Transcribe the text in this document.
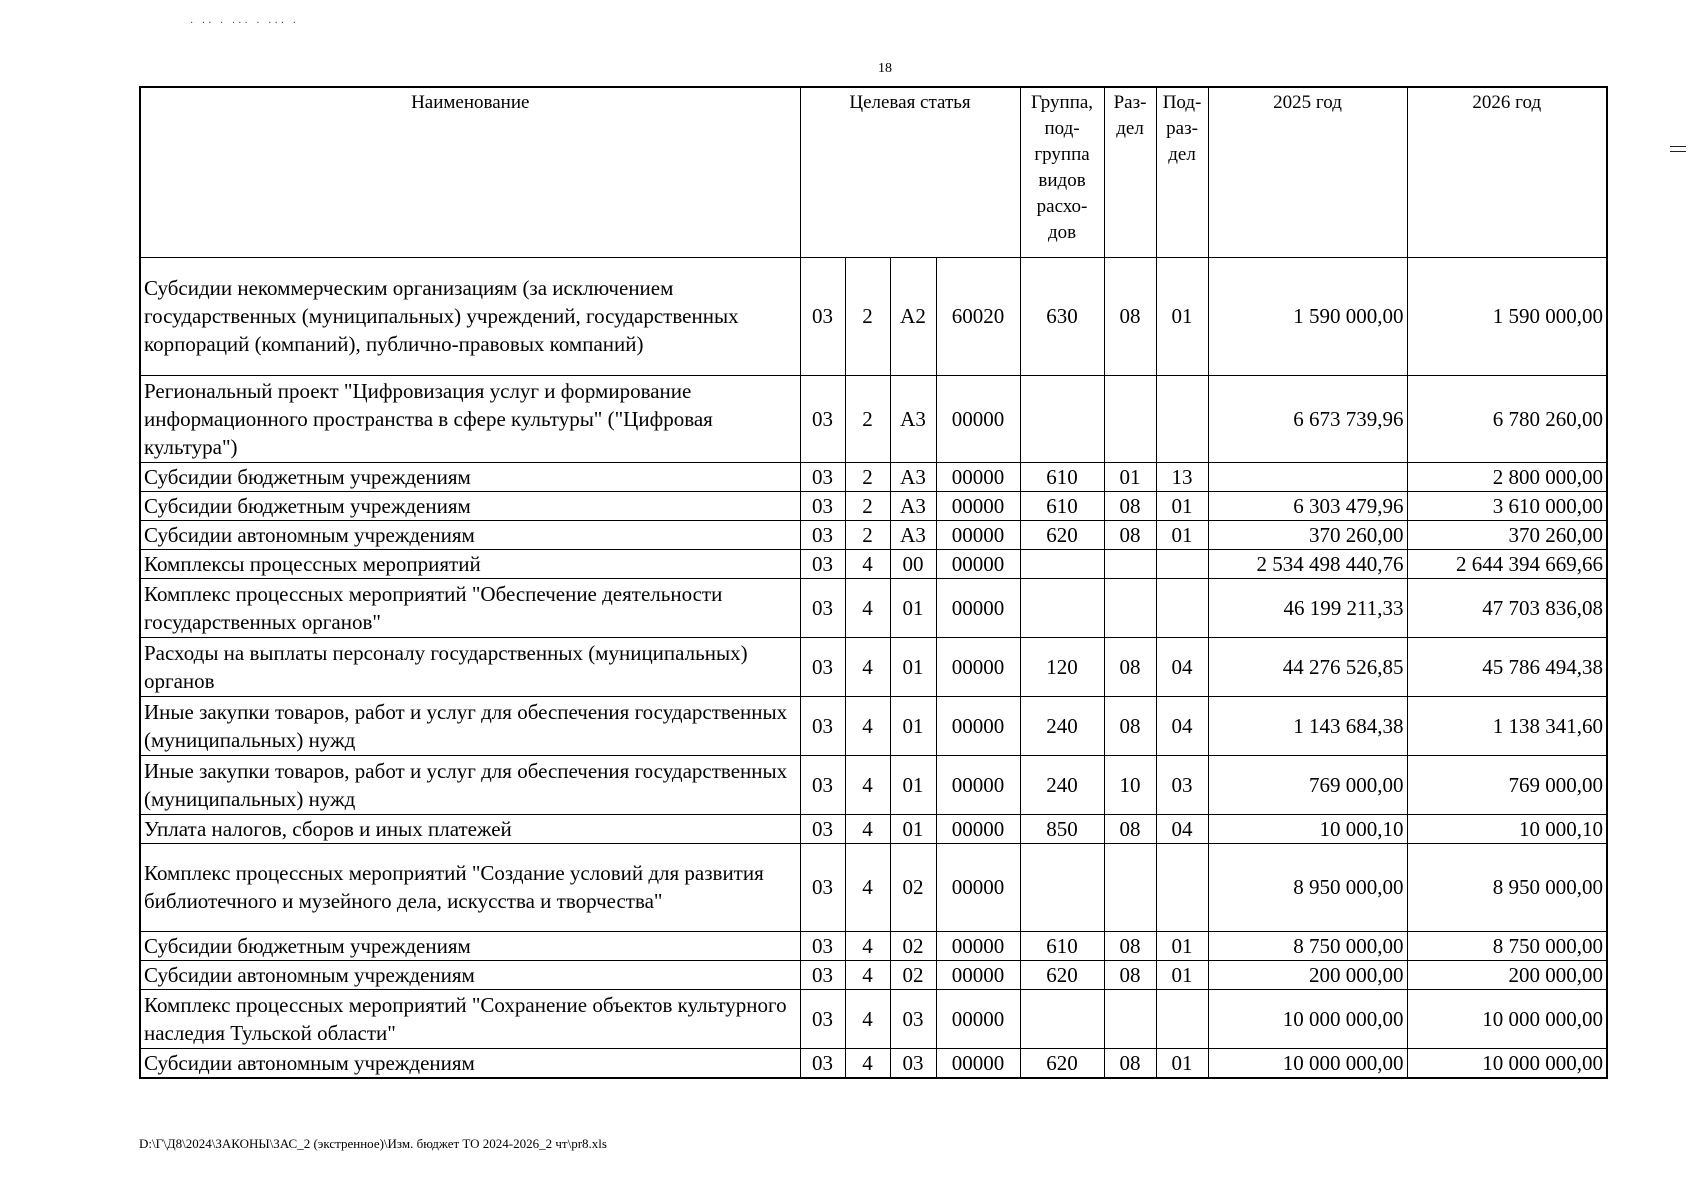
· ·· · ··· · ··· ·
18
Наименование	Целевая статья				Группа, под-группа видов расхо-дов	Раз-дел	Под-раз-дел	2025 год	2026 год
Субсидии некоммерческим организациям (за исключением государственных (муниципальных) учреждений, государственных корпораций (компаний), публично-правовых компаний)	03	2	А2	60020	630	08	01	1 590 000,00	1 590 000,00
Региональный проект "Цифровизация услуг и формирование информационного пространства в сфере культуры" ("Цифровая культура")	03	2	А3	00000				6 673 739,96	6 780 260,00
Субсидии бюджетным учреждениям	03	2	А3	00000	610	01	13		2 800 000,00
Субсидии бюджетным учреждениям	03	2	А3	00000	610	08	01	6 303 479,96	3 610 000,00
Субсидии автономным учреждениям	03	2	А3	00000	620	08	01	370 260,00	370 260,00
Комплексы процессных мероприятий	03	4	00	00000				2 534 498 440,76	2 644 394 669,66
Комплекс процессных мероприятий "Обеспечение деятельности государственных органов"	03	4	01	00000				46 199 211,33	47 703 836,08
Расходы на выплаты персоналу государственных (муниципальных) органов	03	4	01	00000	120	08	04	44 276 526,85	45 786 494,38
Иные закупки товаров, работ и услуг для обеспечения государственных (муниципальных) нужд	03	4	01	00000	240	08	04	1 143 684,38	1 138 341,60
Иные закупки товаров, работ и услуг для обеспечения государственных (муниципальных) нужд	03	4	01	00000	240	10	03	769 000,00	769 000,00
Уплата налогов, сборов и иных платежей	03	4	01	00000	850	08	04	10 000,10	10 000,10
Комплекс процессных мероприятий "Создание условий для развития библиотечного и музейного дела, искусства и творчества"	03	4	02	00000				8 950 000,00	8 950 000,00
Субсидии бюджетным учреждениям	03	4	02	00000	610	08	01	8 750 000,00	8 750 000,00
Субсидии автономным учреждениям	03	4	02	00000	620	08	01	200 000,00	200 000,00
Комплекс процессных мероприятий "Сохранение объектов культурного наследия Тульской области"	03	4	03	00000				10 000 000,00	10 000 000,00
Субсидии автономным учреждениям	03	4	03	00000	620	08	01	10 000 000,00	10 000 000,00
D:\Г\Д8\2024\ЗАКОНЫ\ЗАС_2 (экстренное)\Изм. бюджет ТО 2024-2026_2 чт\pr8.xls
